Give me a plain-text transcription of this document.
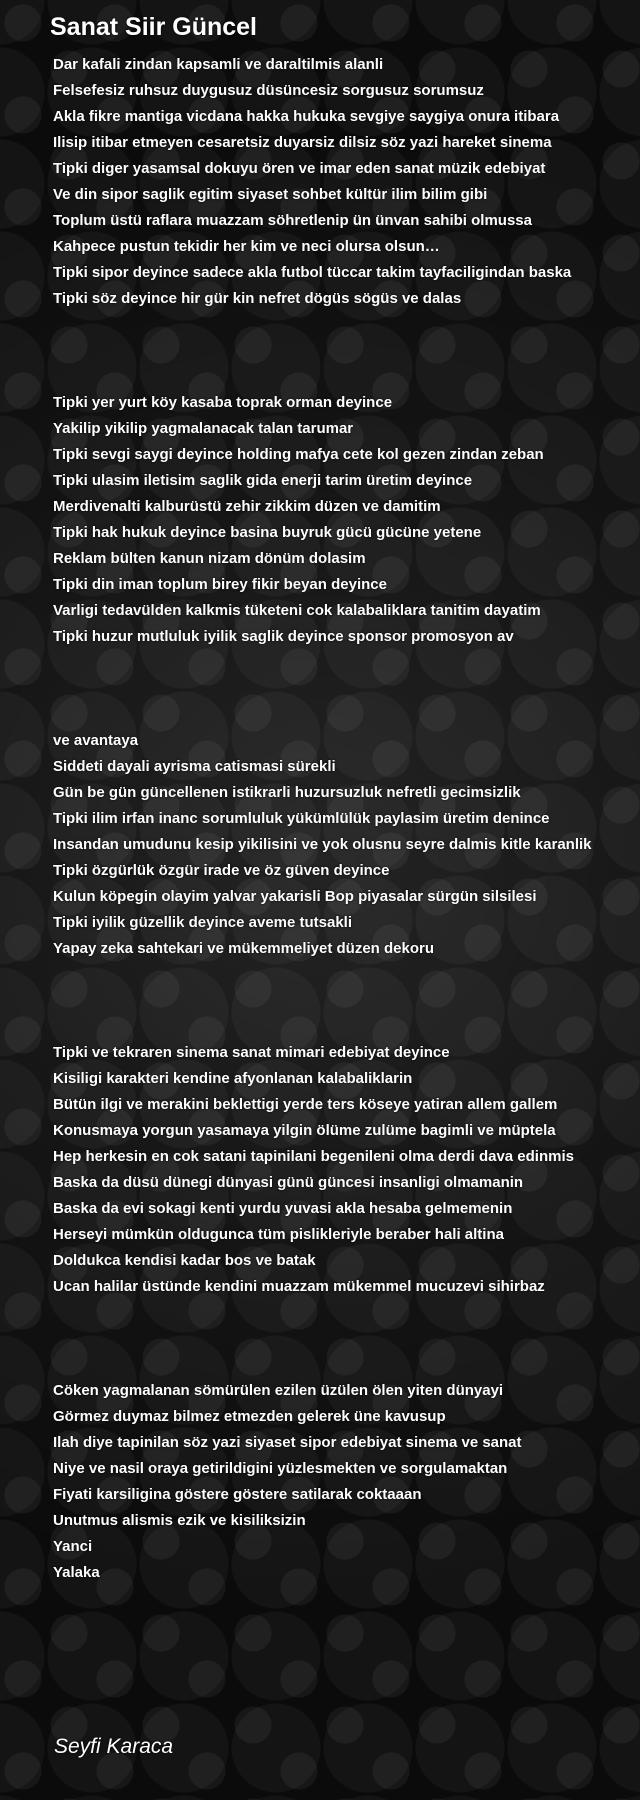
Sanat Siir Güncel
Dar kafali zindan kapsamli ve daraltilmis alanli
Felsefesiz ruhsuz duygusuz düsüncesiz sorgusuz sorumsuz
Akla fikre mantiga vicdana hakka hukuka sevgiye saygiya onura itibara
Ilisip itibar etmeyen cesaretsiz duyarsiz dilsiz söz yazi hareket sinema
Tipki diger yasamsal dokuyu ören ve imar eden sanat müzik edebiyat
Ve din sipor saglik egitim siyaset sohbet kültür ilim bilim gibi
Toplum üstü raflara muazzam söhretlenip ün ünvan sahibi olmussa
Kahpece pustun tekidir her kim ve neci olursa olsun…
Tipki sipor deyince sadece akla futbol tüccar takim tayfaciligindan baska
Tipki söz deyince hir gür kin nefret dögüs sögüs ve dalas
Tipki yer yurt köy kasaba toprak orman deyince
Yakilip yikilip yagmalanacak talan tarumar
Tipki sevgi saygi deyince holding mafya cete kol gezen zindan zeban
Tipki ulasim iletisim saglik gida enerji tarim üretim deyince
Merdivenalti kalburüstü zehir zikkim düzen ve damitim
Tipki hak hukuk deyince basina buyruk gücü gücüne yetene
Reklam bülten kanun nizam dönüm dolasim
Tipki din iman toplum birey fikir beyan deyince
Varligi tedavülden kalkmis tüketeni cok kalabaliklara tanitim dayatim
Tipki huzur mutluluk iyilik saglik deyince sponsor promosyon av
ve avantaya
Siddeti dayali ayrisma catismasi sürekli
Gün be gün güncellenen istikrarli huzursuzluk nefretli gecimsizlik
Tipki ilim irfan inanc sorumluluk yükümlülük paylasim üretim denince
Insandan umudunu kesip yikilisini ve yok olusnu seyre dalmis kitle karanlik
Tipki özgürlük özgür irade ve öz güven deyince
Kulun köpegin olayim yalvar yakarisli Bop piyasalar sürgün silsilesi
Tipki iyilik güzellik deyince aveme tutsakli
Yapay zeka sahtekari ve mükemmeliyet düzen dekoru
Tipki ve tekraren sinema sanat mimari edebiyat deyince
Kisiligi karakteri kendine afyonlanan kalabaliklarin
Bütün ilgi ve merakini beklettigi yerde ters köseye yatiran allem gallem
Konusmaya yorgun yasamaya yilgin ölüme zulüme bagimli ve müptela
Hep herkesin en cok satani tapinilani begenileni olma derdi dava edinmis
Baska da düsü dünegi dünyasi günü güncesi insanligi olmamanin
Baska da evi sokagi kenti yurdu yuvasi akla hesaba gelmemenin
Herseyi mümkün oldugunca tüm pislikleriyle beraber hali altina
Doldukca kendisi kadar bos ve batak
Ucan halilar üstünde kendini muazzam mükemmel mucuzevi sihirbaz
Cöken yagmalanan sömürülen ezilen üzülen ölen yiten dünyayi
Görmez duymaz bilmez etmezden gelerek üne kavusup
Ilah diye tapinilan söz yazi siyaset sipor edebiyat sinema ve sanat
Niye ve nasil oraya getirildigini yüzlesmekten ve sorgulamaktan
Fiyati karsiligina göstere göstere satilarak coktaaan
Unutmus alismis ezik ve kisiliksizin
Yanci
Yalaka
Seyfi Karaca
